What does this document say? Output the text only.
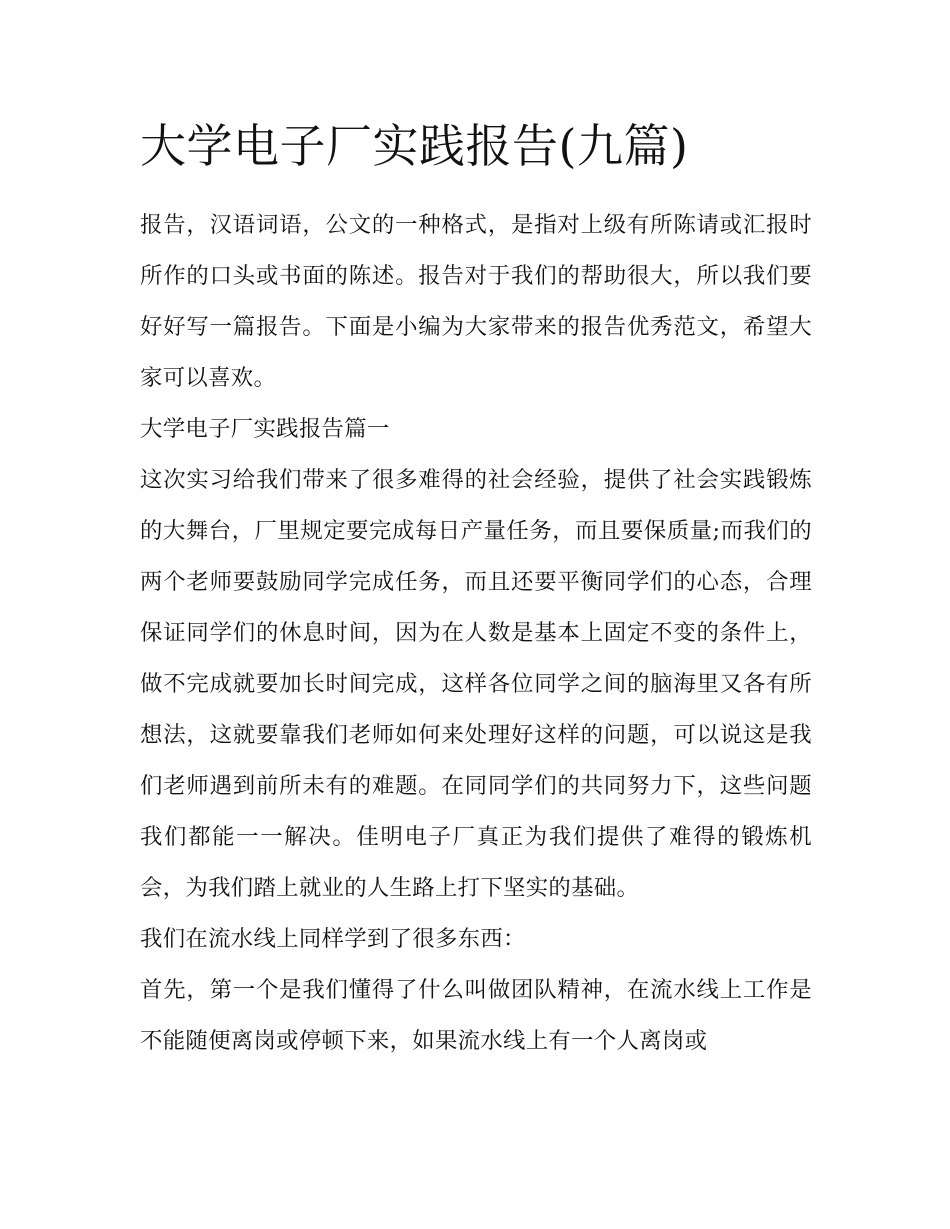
大学电子厂实践报告(九篇)

报告，汉语词语，公文的一种格式，是指对上级有所陈请或汇报时所作的口头或书面的陈述。报告对于我们的帮助很大，所以我们要好好写一篇报告。下面是小编为大家带来的报告优秀范文，希望大家可以喜欢。

大学电子厂实践报告篇一

这次实习给我们带来了很多难得的社会经验，提供了社会实践锻炼的大舞台，厂里规定要完成每日产量任务，而且要保质量;而我们的两个老师要鼓励同学完成任务，而且还要平衡同学们的心态，合理保证同学们的休息时间，因为在人数是基本上固定不变的条件上，做不完成就要加长时间完成，这样各位同学之间的脑海里又各有所想法，这就要靠我们老师如何来处理好这样的问题，可以说这是我们老师遇到前所未有的难题。在同同学们的共同努力下，这些问题我们都能一一解决。佳明电子厂真正为我们提供了难得的锻炼机会，为我们踏上就业的人生路上打下坚实的基础。

我们在流水线上同样学到了很多东西：

首先，第一个是我们懂得了什么叫做团队精神，在流水线上工作是不能随便离岗或停顿下来，如果流水线上有一个人离岗或
